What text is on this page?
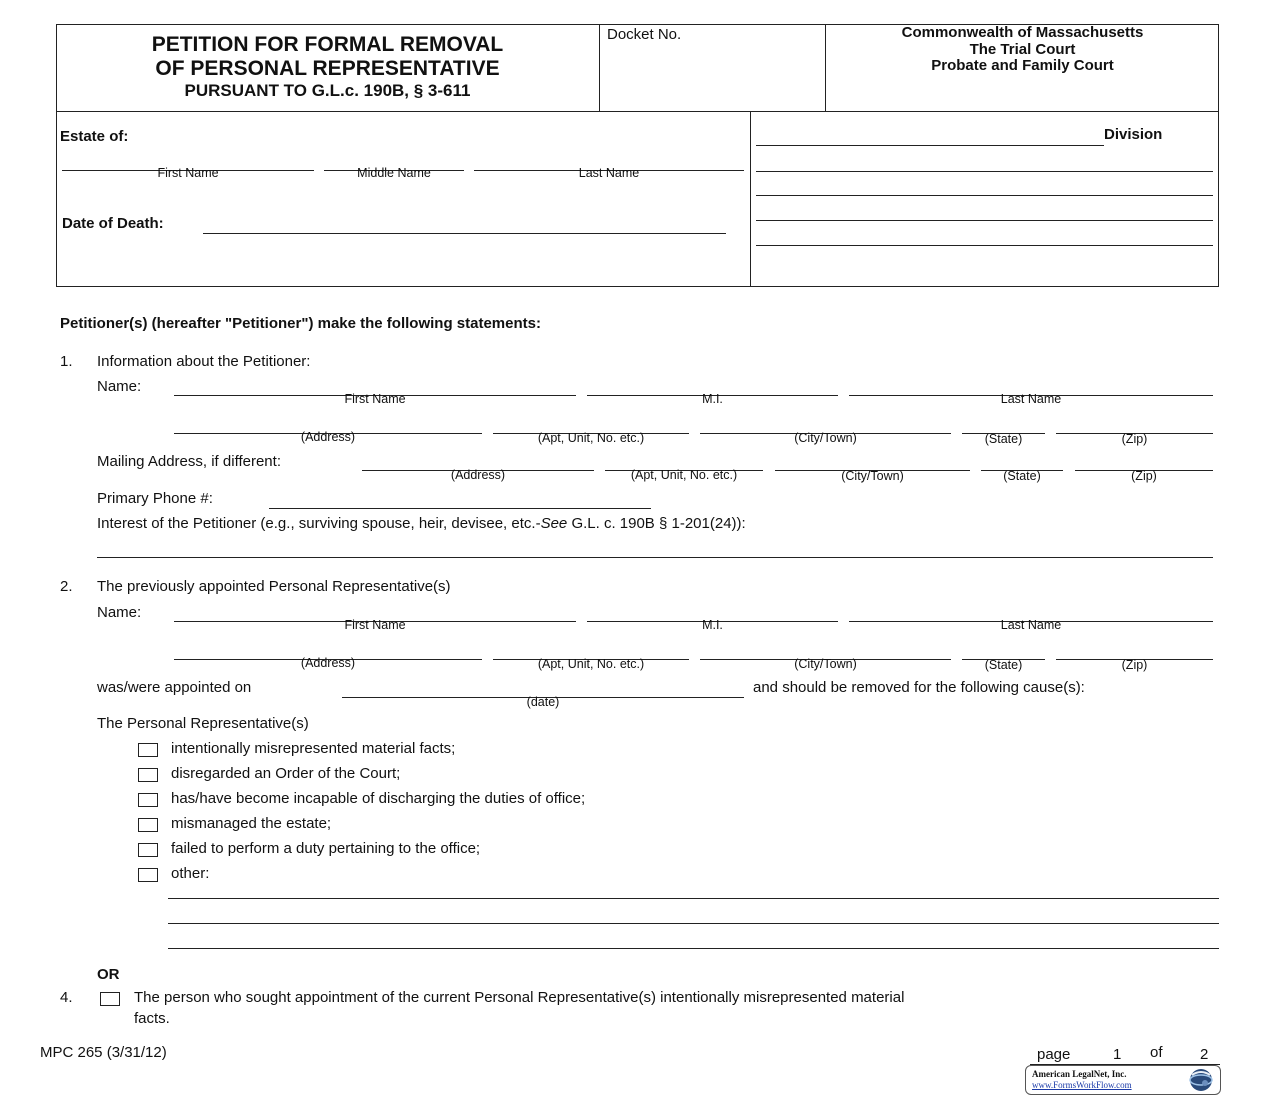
PETITION FOR FORMAL REMOVAL
OF PERSONAL REPRESENTATIVE
PURSUANT TO G.L.c. 190B, § 3-611
Docket No.	Commonwealth of Massachusetts
The Trial Court
Probate and Family Court
Estate of:
First Name	Middle Name	Last Name
Date of Death:
Division
Petitioner(s) (hereafter "Petitioner") make the following statements:
1. Information about the Petitioner:
Name:
First Name	M.I.	Last Name
(Address)	(Apt, Unit, No. etc.)	(City/Town)	(State)	(Zip)
Mailing Address, if different:
(Address)	(Apt, Unit, No. etc.)	(City/Town)	(State)	(Zip)
Primary Phone #:
Interest of the Petitioner (e.g., surviving spouse, heir, devisee, etc.-See G.L. c. 190B § 1-201(24)):
2. The previously appointed Personal Representative(s)
Name:
First Name	M.I.	Last Name
(Address)	(Apt, Unit, No. etc.)	(City/Town)	(State)	(Zip)
was/were appointed on
(date)
and should be removed for the following cause(s):
The Personal Representative(s)
intentionally misrepresented material facts;
disregarded an Order of the Court;
has/have become incapable of discharging the duties of office;
mismanaged the estate;
failed to perform a duty pertaining to the office;
other:
OR
4.	The person who sought appointment of the current Personal Representative(s) intentionally misrepresented material
facts.
MPC 265 (3/31/12)	page	1 of 2
American LegalNet, Inc.
www.FormsWorkFlow.com
